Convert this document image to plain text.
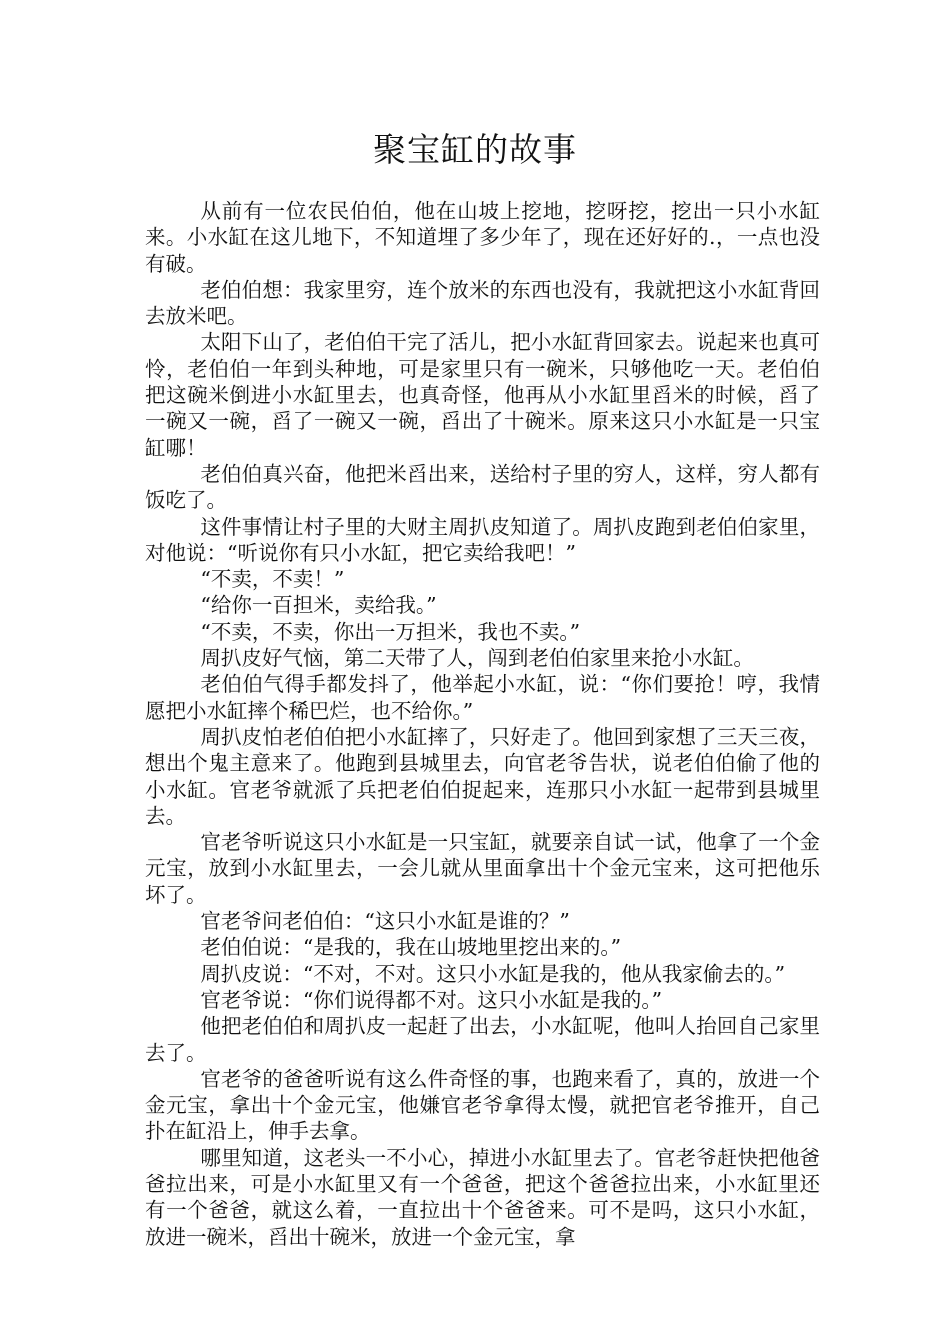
聚宝缸的故事

从前有一位农民伯伯，他在山坡上挖地，挖呀挖，挖出一只小水缸来。小水缸在这儿地下，不知道埋了多少年了，现在还好好的.，一点也没有破。

老伯伯想：我家里穷，连个放米的东西也没有，我就把这小水缸背回去放米吧。

太阳下山了，老伯伯干完了活儿，把小水缸背回家去。说起来也真可怜，老伯伯一年到头种地，可是家里只有一碗米，只够他吃一天。老伯伯把这碗米倒进小水缸里去，也真奇怪，他再从小水缸里舀米的时候，舀了一碗又一碗，舀了一碗又一碗，舀出了十碗米。原来这只小水缸是一只宝缸哪！

老伯伯真兴奋，他把米舀出来，送给村子里的穷人，这样，穷人都有饭吃了。

这件事情让村子里的大财主周扒皮知道了。周扒皮跑到老伯伯家里，对他说：“听说你有只小水缸，把它卖给我吧！”

“不卖，不卖！”

“给你一百担米，卖给我。”

“不卖，不卖，你出一万担米，我也不卖。”

周扒皮好气恼，第二天带了人，闯到老伯伯家里来抢小水缸。

老伯伯气得手都发抖了，他举起小水缸，说：“你们要抢！哼，我情愿把小水缸摔个稀巴烂，也不给你。”

周扒皮怕老伯伯把小水缸摔了，只好走了。他回到家想了三天三夜，想出个鬼主意来了。他跑到县城里去，向官老爷告状，说老伯伯偷了他的小水缸。官老爷就派了兵把老伯伯捉起来，连那只小水缸一起带到县城里去。

官老爷听说这只小水缸是一只宝缸，就要亲自试一试，他拿了一个金元宝，放到小水缸里去，一会儿就从里面拿出十个金元宝来，这可把他乐坏了。

官老爷问老伯伯：“这只小水缸是谁的？”

老伯伯说：“是我的，我在山坡地里挖出来的。”

周扒皮说：“不对，不对。这只小水缸是我的，他从我家偷去的。”

官老爷说：“你们说得都不对。这只小水缸是我的。”

他把老伯伯和周扒皮一起赶了出去，小水缸呢，他叫人抬回自己家里去了。

官老爷的爸爸听说有这么件奇怪的事，也跑来看了，真的，放进一个金元宝，拿出十个金元宝，他嫌官老爷拿得太慢，就把官老爷推开，自己扑在缸沿上，伸手去拿。

哪里知道，这老头一不小心，掉进小水缸里去了。官老爷赶快把他爸爸拉出来，可是小水缸里又有一个爸爸，把这个爸爸拉出来，小水缸里还有一个爸爸，就这么着，一直拉出十个爸爸来。可不是吗，这只小水缸，放进一碗米，舀出十碗米，放进一个金元宝，拿
